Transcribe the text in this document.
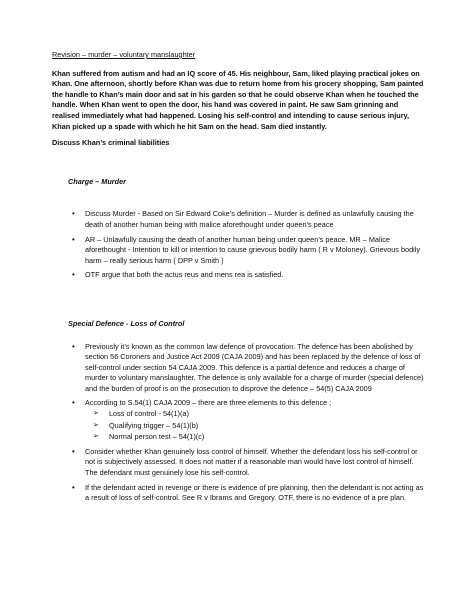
Revision – murder – voluntary manslaughter

Khan suffered from autism and had an IQ score of 45. His neighbour, Sam, liked playing practical jokes on Khan. One afternoon, shortly before Khan was due to return home from his grocery shopping, Sam painted the handle to Khan’s main door and sat in his garden so that he could observe Khan when he touched the handle. When Khan went to open the door, his hand was covered in paint. He saw Sam grinning and realised immediately what had happened. Losing his self-control and intending to cause serious injury, Khan picked up a spade with which he hit Sam on the head. Sam died instantly.

Discuss Khan’s criminal liabilities

Charge – Murder

• Discuss Murder - Based on Sir Edward Coke’s definition – Murder is defined as unlawfully causing the death of another human being with malice aforethought under queen’s peace
• AR – Unlawfully causing the death of another human being under queen’s peace. MR – Malice aforethought - Intention to kill or intention to cause grievous bodily harm ( R v Moloney). Grievous bodily harm – really serious harm ( DPP v Smith )
• OTF argue that both the actus reus and mens rea is satisfied.

Special Defence - Loss of Control

• Previously it’s known as the common law defence of provocation. The defence has been abolished by section 56 Coroners and Justice Act 2009 (CAJA 2009) and has been replaced by the defence of loss of self-control under section 54 CAJA 2009. This defence is a partial defence and reduces a charge of murder to voluntary manslaughter. The defence is only available for a charge of murder (special defence) and the burden of proof is on the prosecution to disprove the defence – 54(5) CAJA 2009
• According to S.54(1) CAJA 2009 – there are three elements to this defence ;
➢ Loss of control - 54(1)(a)
➢ Qualifying trigger – 54(1)(b)
➢ Normal person test – 54(1)(c)
• Consider whether Khan genuinely loss control of himself. Whether the defendant loss his self-control or not is subjectively assessed. It does not matter if a reasonable man would have lost control of himself. The defendant must genuinely lose his self-control.
• If the defendant acted in revenge or there is evidence of pre planning, then the defendant is not acting as a result of loss of self-control. See R v Ibrams and Gregory. OTF, there is no evidence of a pre plan.
